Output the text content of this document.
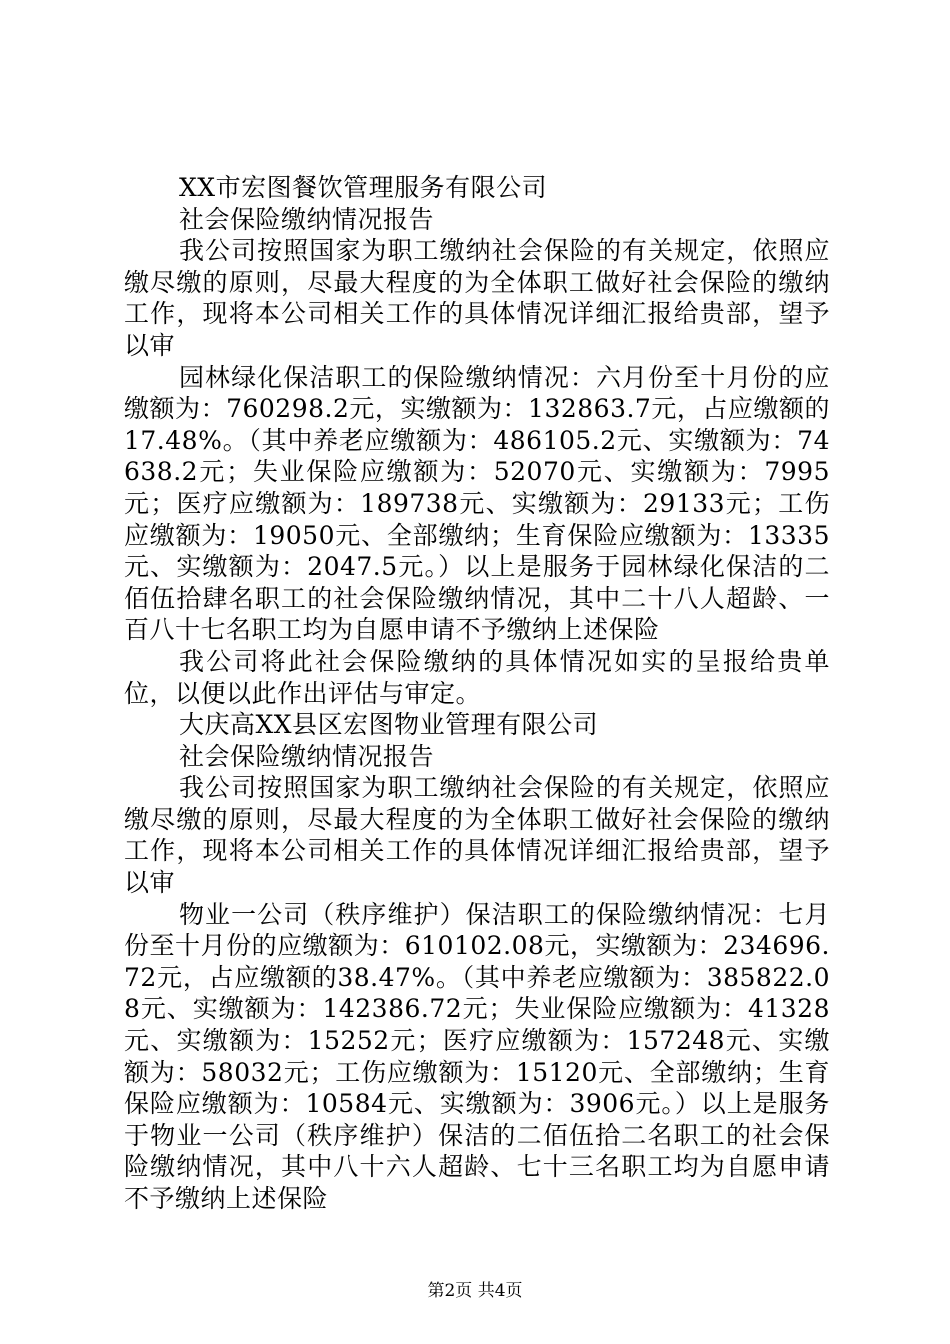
XX市宏图餐饮管理服务有限公司

社会保险缴纳情况报告

我公司按照国家为职工缴纳社会保险的有关规定，依照应缴尽缴的原则，尽最大程度的为全体职工做好社会保险的缴纳工作，现将本公司相关工作的具体情况详细汇报给贵部，望予以审

园林绿化保洁职工的保险缴纳情况：六月份至十月份的应缴额为：760298.2元，实缴额为：132863.7元，占应缴额的17.48%。（其中养老应缴额为：486105.2元、实缴额为：74638.2元；失业保险应缴额为：52070元、实缴额为：7995元；医疗应缴额为：189738元、实缴额为：29133元；工伤应缴额为：19050元、全部缴纳；生育保险应缴额为：13335元、实缴额为：2047.5元。）以上是服务于园林绿化保洁的二佰伍拾肆名职工的社会保险缴纳情况，其中二十八人超龄、一百八十七名职工均为自愿申请不予缴纳上述保险

我公司将此社会保险缴纳的具体情况如实的呈报给贵单位，以便以此作出评估与审定。

大庆高XX县区宏图物业管理有限公司

社会保险缴纳情况报告

我公司按照国家为职工缴纳社会保险的有关规定，依照应缴尽缴的原则，尽最大程度的为全体职工做好社会保险的缴纳工作，现将本公司相关工作的具体情况详细汇报给贵部，望予以审

物业一公司（秩序维护）保洁职工的保险缴纳情况：七月份至十月份的应缴额为：610102.08元，实缴额为：234696.72元，占应缴额的38.47%。（其中养老应缴额为：385822.08元、实缴额为：142386.72元；失业保险应缴额为：41328元、实缴额为：15252元；医疗应缴额为：157248元、实缴额为：58032元；工伤应缴额为：15120元、全部缴纳；生育保险应缴额为：10584元、实缴额为：3906元。）以上是服务于物业一公司（秩序维护）保洁的二佰伍拾二名职工的社会保险缴纳情况，其中八十六人超龄、七十三名职工均为自愿申请不予缴纳上述保险

第2页 共4页
